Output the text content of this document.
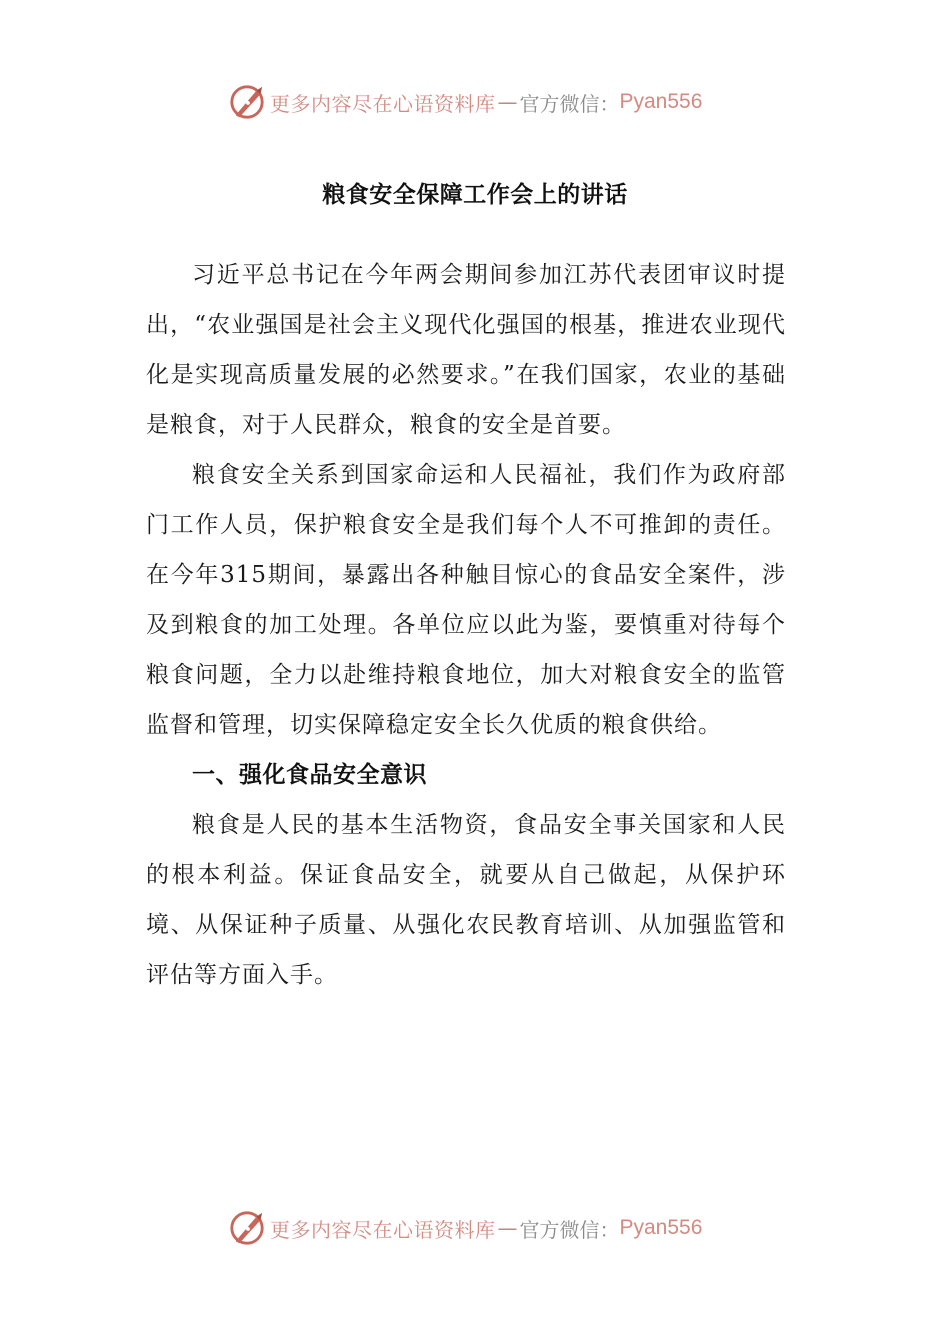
更多内容尽在心语资料库 — 官方微信： Pyan556
粮食安全保障工作会上的讲话

习近平总书记在今年两会期间参加江苏代表团审议时提出，“农业强国是社会主义现代化强国的根基，推进农业现代化是实现高质量发展的必然要求。”在我们国家，农业的基础是粮食，对于人民群众，粮食的安全是首要。

粮食安全关系到国家命运和人民福祉，我们作为政府部门工作人员，保护粮食安全是我们每个人不可推卸的责任。在今年315期间，暴露出各种触目惊心的食品安全案件，涉及到粮食的加工处理。各单位应以此为鉴，要慎重对待每个粮食问题，全力以赴维持粮食地位，加大对粮食安全的监管监督和管理，切实保障稳定安全长久优质的粮食供给。

一、强化食品安全意识

粮食是人民的基本生活物资，食品安全事关国家和人民的根本利益。保证食品安全，就要从自己做起，从保护环境、从保证种子质量、从强化农民教育培训、从加强监管和评估等方面入手。

更多内容尽在心语资料库 — 官方微信： Pyan556
